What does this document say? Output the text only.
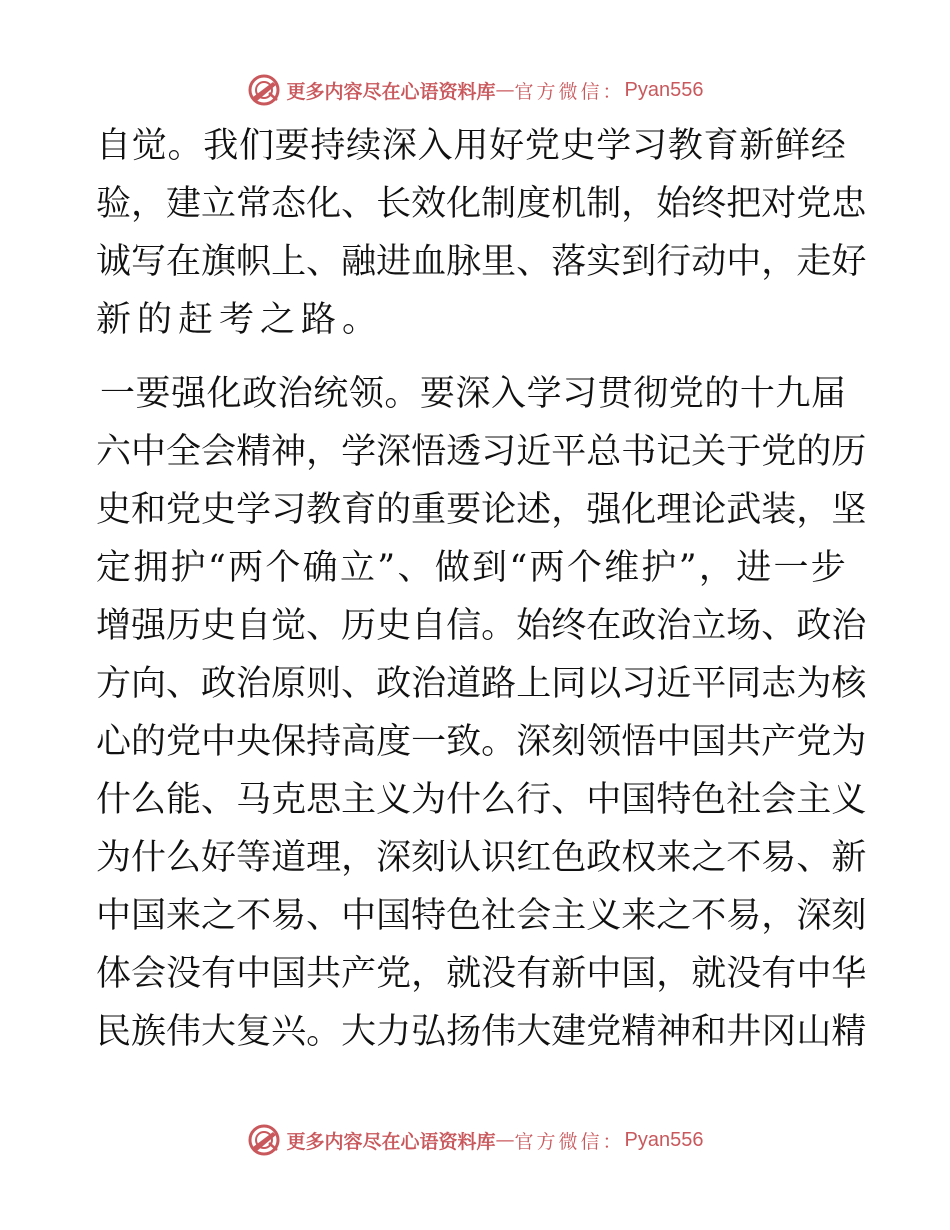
更多内容尽在心语资料库 — 官方微信： Pyan556
自 觉 。 我 们 要 持 续 深 入 用 好 党 史 学 习 教 育 新 鲜 经
验 ， 建 立 常 态 化 、 长 效 化 制 度 机 制 ， 始 终 把 对 党 忠
诚 写 在 旗 帜 上 、 融 进 血 脉 里 、 落 实 到 行 动 中 ， 走 好
新的赶考之路。
一 要 强 化 政 治 统 领 。 要 深 入 学 习 贯 彻 党 的 十 九 届
六 中 全 会 精 神 ， 学 深 悟 透 习 近 平 总 书 记 关 于 党 的 历
史 和 党 史 学 习 教 育 的 重 要 论 述 ， 强 化 理 论 武 装 ， 坚
定 拥 护 “ 两 个 确 立 ” 、 做 到 “ 两 个 维 护 ” ， 进 一 步
增 强 历 史 自 觉 、 历 史 自 信 。 始 终 在 政 治 立 场 、 政 治
方 向 、 政 治 原 则 、 政 治 道 路 上 同 以 习 近 平 同 志 为 核
心 的 党 中 央 保 持 高 度 一 致 。 深 刻 领 悟 中 国 共 产 党 为
什 么 能 、 马 克 思 主 义 为 什 么 行 、 中 国 特 色 社 会 主 义
为 什 么 好 等 道 理 ， 深 刻 认 识 红 色 政 权 来 之 不 易 、 新
中 国 来 之 不 易 、 中 国 特 色 社 会 主 义 来 之 不 易 ， 深 刻
体 会 没 有 中 国 共 产 党 ， 就 没 有 新 中 国 ， 就 没 有 中 华
民 族 伟 大 复 兴 。 大 力 弘 扬 伟 大 建 党 精 神 和 井 冈 山 精
更多内容尽在心语资料库 — 官方微信： Pyan556
